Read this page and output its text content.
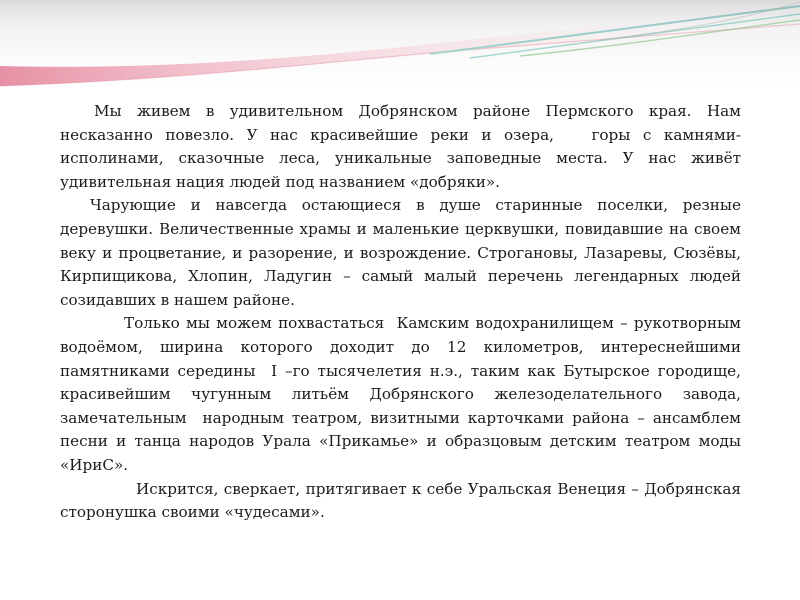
Мы живем в удивительном Добрянском районе Пермского края. Нам несказанно повезло. У нас красивейшие реки и озера,   горы с камнями-исполинами, сказочные леса, уникальные заповедные места. У нас живёт удивительная нация людей под названием «добряки».

Чарующие и навсегда остающиеся в душе старинные поселки, резные деревушки. Величественные храмы и маленькие церквушки, повидавшие на своем веку и процветание, и разорение, и возрождение. Строгановы, Лазаревы, Сюзёвы, Кирпищикова, Хлопин, Ладугин – самый малый перечень легендарных людей созидавших в нашем районе.

Только мы можем похвастаться  Камским водохранилищем – рукотворным водоёмом, ширина которого доходит до 12 километров, интереснейшими памятниками середины  I –го тысячелетия н.э., таким как Бутырское городище, красивейшим чугунным литьём Добрянского железоделательного завода, замечательным  народным театром, визитными карточками района – ансамблем песни и танца народов Урала «Прикамье» и образцовым детским театром моды «ИриС».

Искрится, сверкает, притягивает к себе Уральская Венеция – Добрянская сторонушка своими «чудесами».
